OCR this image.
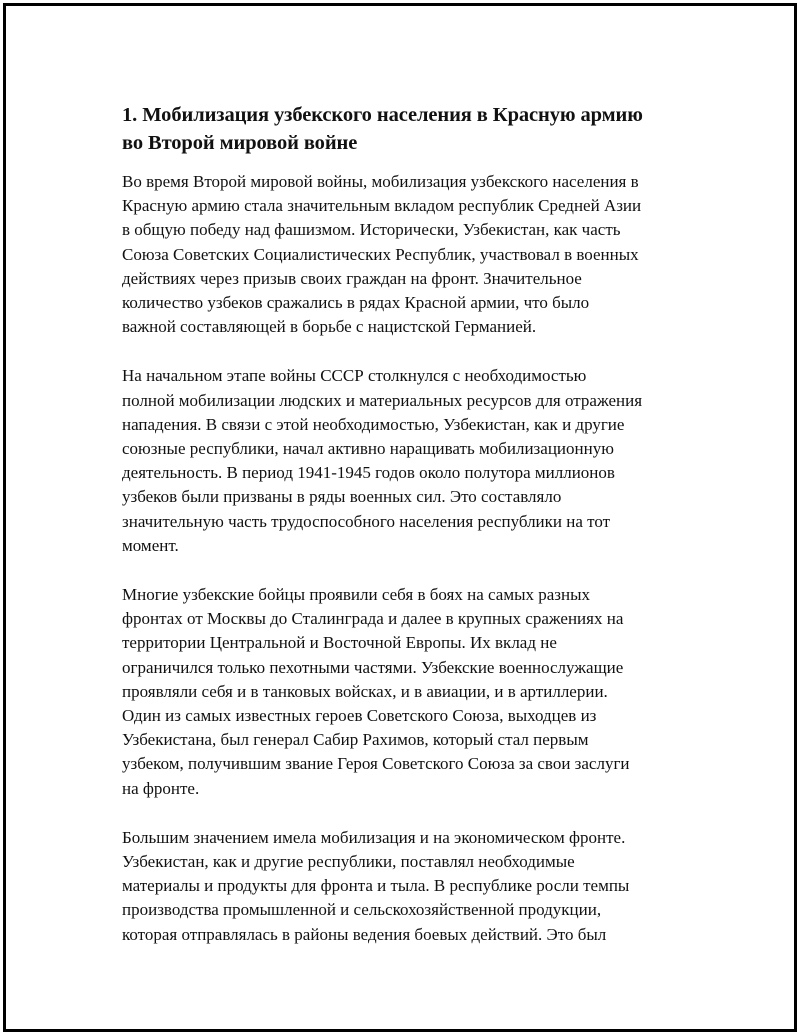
1. Мобилизация узбекского населения в Красную армию
во Второй мировой войне

Во время Второй мировой войны, мобилизация узбекского населения в
Красную армию стала значительным вкладом республик Средней Азии
в общую победу над фашизмом. Исторически, Узбекистан, как часть
Союза Советских Социалистических Республик, участвовал в военных
действиях через призыв своих граждан на фронт. Значительное
количество узбеков сражались в рядах Красной армии, что было
важной составляющей в борьбе с нацистской Германией.

На начальном этапе войны СССР столкнулся с необходимостью
полной мобилизации людских и материальных ресурсов для отражения
нападения. В связи с этой необходимостью, Узбекистан, как и другие
союзные республики, начал активно наращивать мобилизационную
деятельность. В период 1941-1945 годов около полутора миллионов
узбеков были призваны в ряды военных сил. Это составляло
значительную часть трудоспособного населения республики на тот
момент.

Многие узбекские бойцы проявили себя в боях на самых разных
фронтах от Москвы до Сталинграда и далее в крупных сражениях на
территории Центральной и Восточной Европы. Их вклад не
ограничился только пехотными частями. Узбекские военнослужащие
проявляли себя и в танковых войсках, и в авиации, и в артиллерии.
Один из самых известных героев Советского Союза, выходцев из
Узбекистана, был генерал Сабир Рахимов, который стал первым
узбеком, получившим звание Героя Советского Союза за свои заслуги
на фронте.

Большим значением имела мобилизация и на экономическом фронте.
Узбекистан, как и другие республики, поставлял необходимые
материалы и продукты для фронта и тыла. В республике росли темпы
производства промышленной и сельскохозяйственной продукции,
которая отправлялась в районы ведения боевых действий. Это был
